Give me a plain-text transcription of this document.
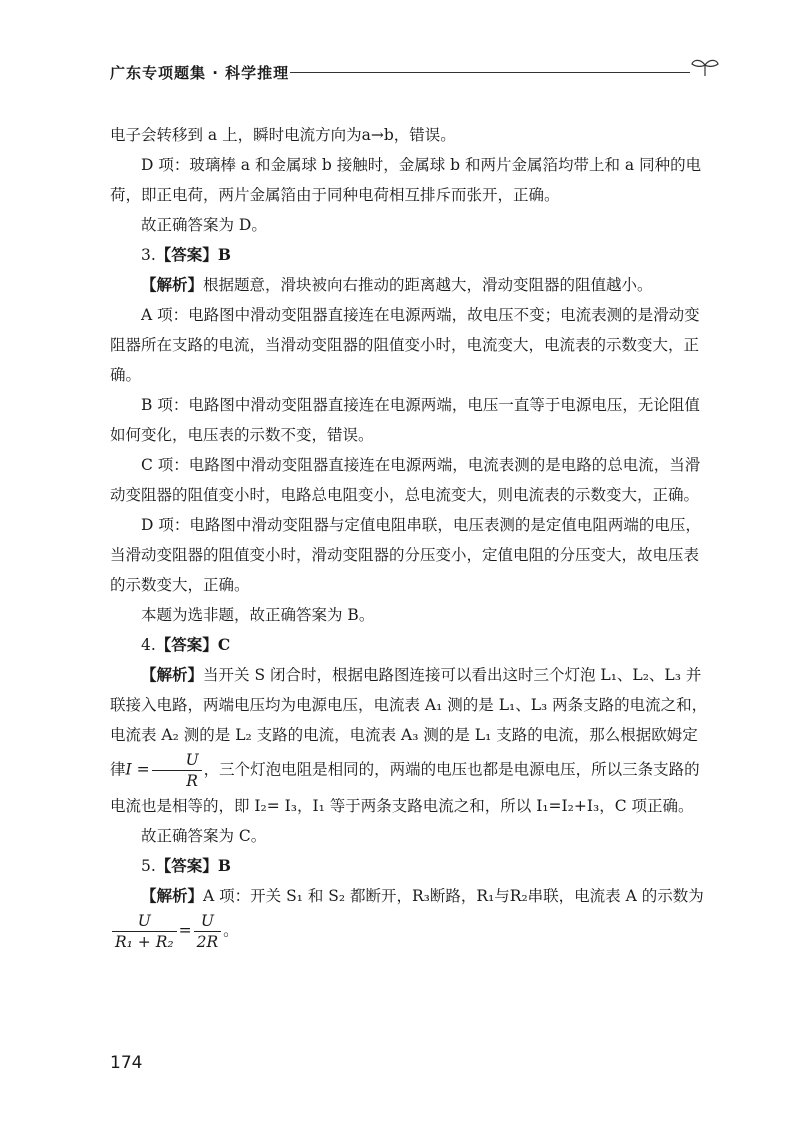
广东专项题集 · 科学推理

电子会转移到 a 上，瞬时电流方向为a→b，错误。

D 项：玻璃棒 a 和金属球 b 接触时，金属球 b 和两片金属箔均带上和 a 同种的电荷，即正电荷，两片金属箔由于同种电荷相互排斥而张开，正确。

故正确答案为 D。

3.【答案】B

【解析】根据题意，滑块被向右推动的距离越大，滑动变阻器的阻值越小。

A 项：电路图中滑动变阻器直接连在电源两端，故电压不变；电流表测的是滑动变阻器所在支路的电流，当滑动变阻器的阻值变小时，电流变大，电流表的示数变大，正确。

B 项：电路图中滑动变阻器直接连在电源两端，电压一直等于电源电压，无论阻值如何变化，电压表的示数不变，错误。

C 项：电路图中滑动变阻器直接连在电源两端，电流表测的是电路的总电流，当滑动变阻器的阻值变小时，电路总电阻变小，总电流变大，则电流表的示数变大，正确。

D 项：电路图中滑动变阻器与定值电阻串联，电压表测的是定值电阻两端的电压，当滑动变阻器的阻值变小时，滑动变阻器的分压变小，定值电阻的分压变大，故电压表的示数变大，正确。

本题为选非题，故正确答案为 B。

4.【答案】C

【解析】当开关 S 闭合时，根据电路图连接可以看出这时三个灯泡 L₁、L₂、L₃ 并联接入电路，两端电压均为电源电压，电流表 A₁ 测的是 L₁、L₃ 两条支路的电流之和，电流表 A₂ 测的是 L₂ 支路的电流，电流表 A₃ 测的是 L₁ 支路的电流，那么根据欧姆定律$I = \frac{U}{R}$ ，三个灯泡电阻是相同的，两端的电压也都是电源电压，所以三条支路的电流也是相等的，即 I₂= I₃，I₁ 等于两条支路电流之和，所以 I₁=I₂+I₃，C 项正确。

故正确答案为 C。

5.【答案】B

【解析】A 项：开关 S₁ 和 S₂ 都断开，R₃断路，R₁与R₂串联，电流表 A 的示数为

$\frac{U}{\text{R₁ + R₂}} = \frac{U}{2R}$ 。

174
